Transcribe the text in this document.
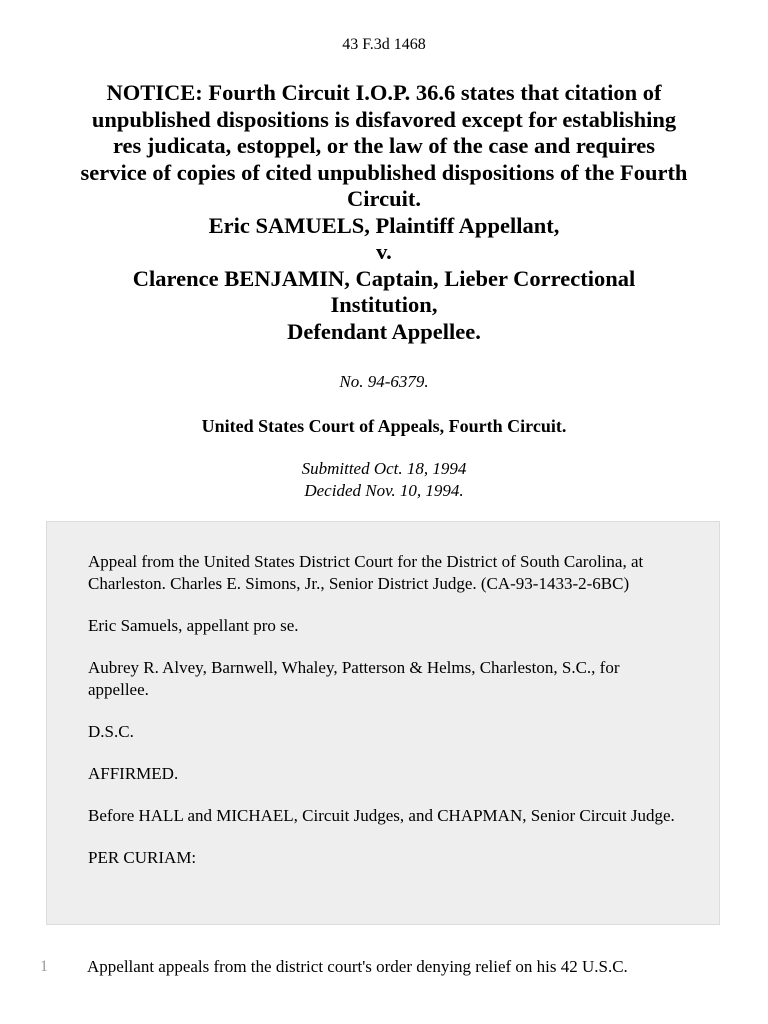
43 F.3d 1468
NOTICE: Fourth Circuit I.O.P. 36.6 states that citation of
unpublished dispositions is disfavored except for establishing
res judicata, estoppel, or the law of the case and requires
service of copies of cited unpublished dispositions of the Fourth
Circuit.
Eric SAMUELS, Plaintiff Appellant,
v.
Clarence BENJAMIN, Captain, Lieber Correctional
Institution,
Defendant Appellee.
No. 94-6379.
United States Court of Appeals, Fourth Circuit.
Submitted Oct. 18, 1994
Decided Nov. 10, 1994.

Appeal from the United States District Court for the District of South Carolina, at Charleston. Charles E. Simons, Jr., Senior District Judge. (CA-93-1433-2-6BC)

Eric Samuels, appellant pro se.

Aubrey R. Alvey, Barnwell, Whaley, Patterson & Helms, Charleston, S.C., for appellee.

D.S.C.

AFFIRMED.

Before HALL and MICHAEL, Circuit Judges, and CHAPMAN, Senior Circuit Judge.

PER CURIAM:

1 Appellant appeals from the district court's order denying relief on his 42 U.S.C.
